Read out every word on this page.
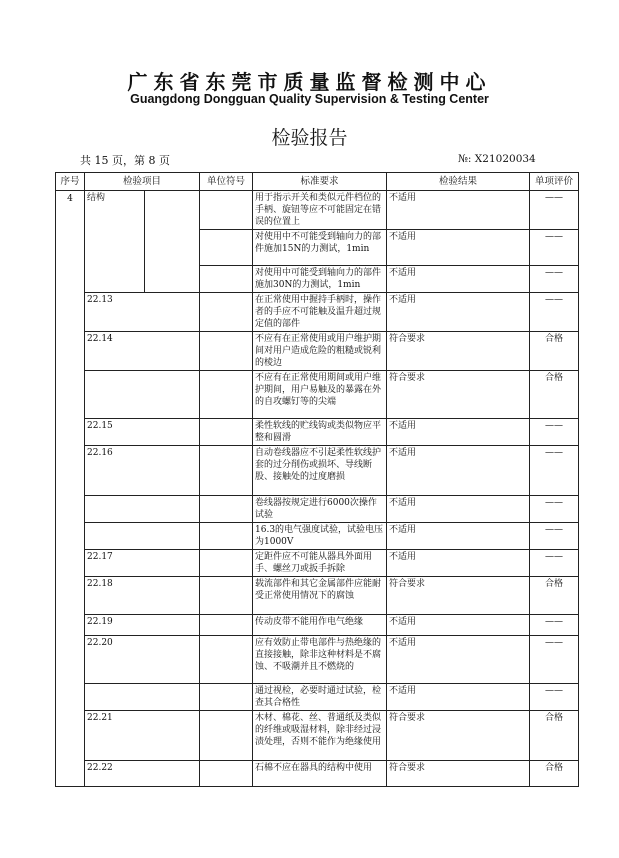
广东省东莞市质量监督检测中心
Guangdong Dongguan Quality Supervision & Testing Center
检验报告
共 15 页，第 8 页	№: X21020034
序号	检验项目	单位符号	标准要求	检验结果	单项评价
4	结构		用于指示开关和类似元件档位的手柄、旋钮等应不可能固定在错误的位置上	不适用	——
			对使用中不可能受到轴向力的部件施加15N的力测试，1min	不适用	——
			对使用中可能受到轴向力的部件施加30N的力测试，1min	不适用	——
	22.13		在正常使用中握持手柄时，操作者的手应不可能触及温升超过规定值的部件	不适用	——
	22.14		不应有在正常使用或用户维护期间对用户造成危险的粗糙或锐利的棱边	符合要求	合格
			不应有在正常使用期间或用户维护期间，用户易触及的暴露在外的自攻螺钉等的尖端	符合要求	合格
	22.15		柔性软线的贮线钩或类似物应平整和圆滑	不适用	——
	22.16		自动卷线器应不引起柔性软线护套的过分削伤或损坏、导线断股、接触处的过度磨损	不适用	——
			卷线器按规定进行6000次操作试验	不适用	——
			16.3的电气强度试验，试验电压为1000V	不适用	——
	22.17		定距件应不可能从器具外面用手、螺丝刀或扳手拆除	不适用	——
	22.18		载流部件和其它金属部件应能耐受正常使用情况下的腐蚀	符合要求	合格
	22.19		传动皮带不能用作电气绝缘	不适用	——
	22.20		应有效防止带电部件与热绝缘的直接接触，除非这种材料是不腐蚀、不吸潮并且不燃烧的	不适用	——
			通过视检，必要时通过试验，检查其合格性	不适用	——
	22.21		木材、棉花、丝、普通纸及类似的纤维或吸湿材料，除非经过浸渍处理，否则不能作为绝缘使用	符合要求	合格
	22.22		石棉不应在器具的结构中使用	符合要求	合格
